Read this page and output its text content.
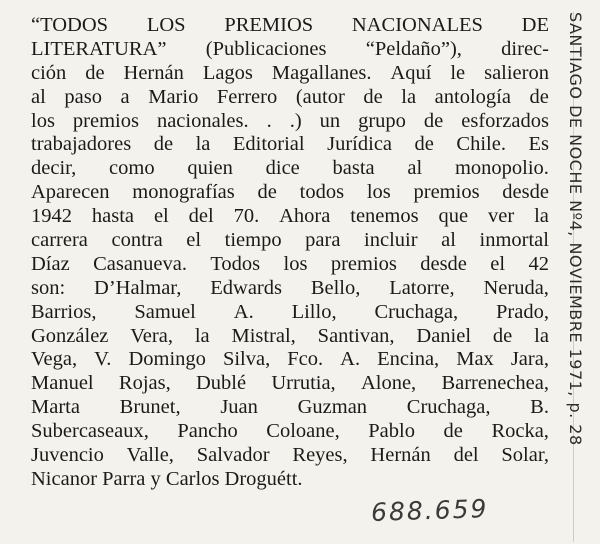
“TODOS LOS PREMIOS NACIONALES DE
LITERATURA” (Publicaciones “Peldaño”), direc-
ción de Hernán Lagos Magallanes. Aquí le salieron
al paso a Mario Ferrero (autor de la antología de
los premios nacionales. . .) un grupo de esforzados
trabajadores de la Editorial Jurídica de Chile. Es
decir, como quien dice basta al monopolio.
Aparecen monografías de todos los premios desde
1942 hasta el del 70. Ahora tenemos que ver la
carrera contra el tiempo para incluir al inmortal
Díaz Casanueva. Todos los premios desde el 42
son: D’Halmar, Edwards Bello, Latorre, Neruda,
Barrios, Samuel A. Lillo, Cruchaga, Prado,
González Vera, la Mistral, Santivan, Daniel de la
Vega, V. Domingo Silva, Fco. A. Encina, Max Jara,
Manuel Rojas, Dublé Urrutia, Alone, Barrenechea,
Marta Brunet, Juan Guzman Cruchaga, B.
Subercaseaux, Pancho Coloane, Pablo de Rocka,
Juvencio Valle, Salvador Reyes, Hernán del Solar,
Nicanor Parra y Carlos Droguétt.
688.659
SANTIAGO DE NOCHE Nº4, NOVIEMBRE 1971, p. 28
